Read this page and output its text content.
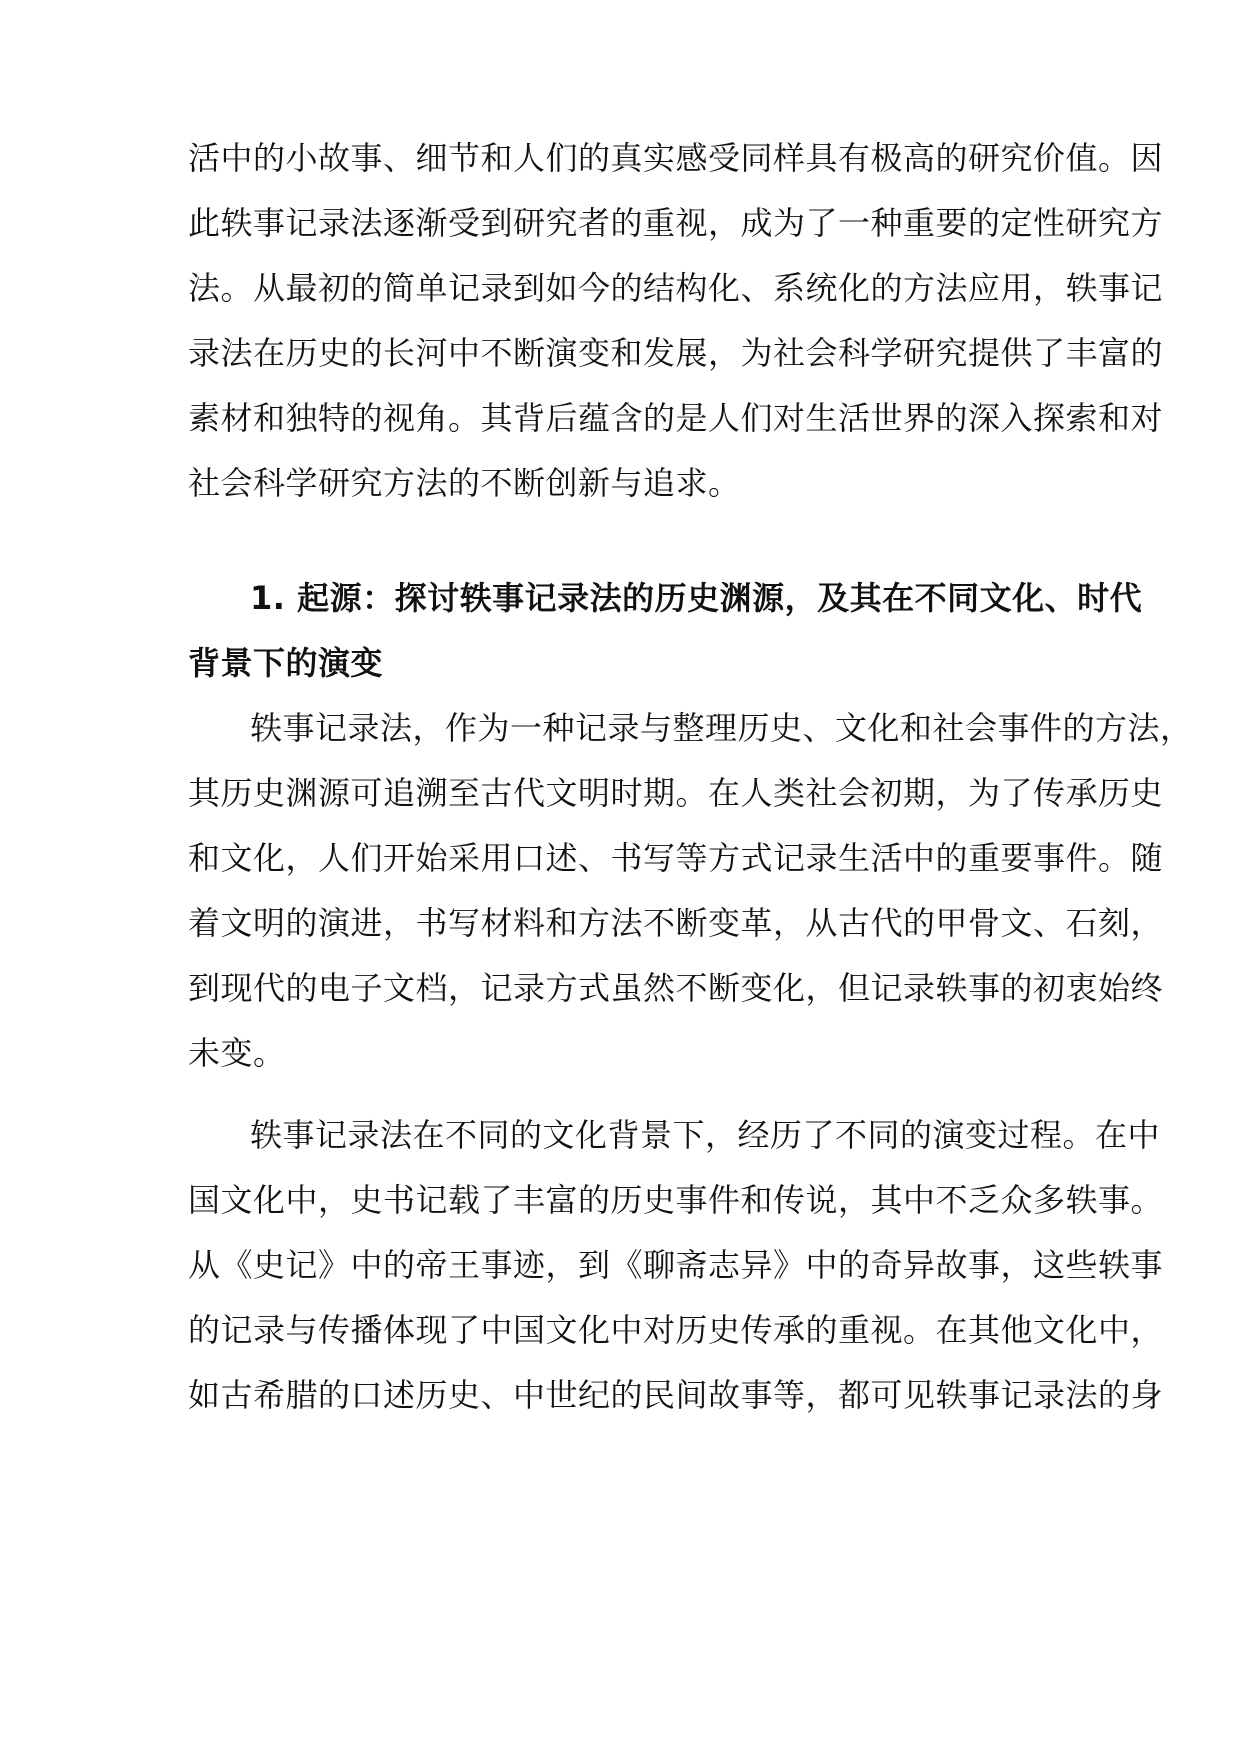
活中的小故事、细节和人们的真实感受同样具有极高的研究价值。因
此轶事记录法逐渐受到研究者的重视，成为了一种重要的定性研究方
法。从最初的简单记录到如今的结构化、系统化的方法应用，轶事记
录法在历史的长河中不断演变和发展，为社会科学研究提供了丰富的
素材和独特的视角。其背后蕴含的是人们对生活世界的深入探索和对
社会科学研究方法的不断创新与追求。
1. 起源：探讨轶事记录法的历史渊源，及其在不同文化、时代
背景下的演变
轶事记录法，作为一种记录与整理历史、文化和社会事件的方法，
其历史渊源可追溯至古代文明时期。在人类社会初期，为了传承历史
和文化，人们开始采用口述、书写等方式记录生活中的重要事件。随
着文明的演进，书写材料和方法不断变革，从古代的甲骨文、石刻，
到现代的电子文档，记录方式虽然不断变化，但记录轶事的初衷始终
未变。
轶事记录法在不同的文化背景下，经历了不同的演变过程。在中
国文化中，史书记载了丰富的历史事件和传说，其中不乏众多轶事。
从《史记》中的帝王事迹，到《聊斋志异》中的奇异故事，这些轶事
的记录与传播体现了中国文化中对历史传承的重视。在其他文化中，
如古希腊的口述历史、中世纪的民间故事等，都可见轶事记录法的身
